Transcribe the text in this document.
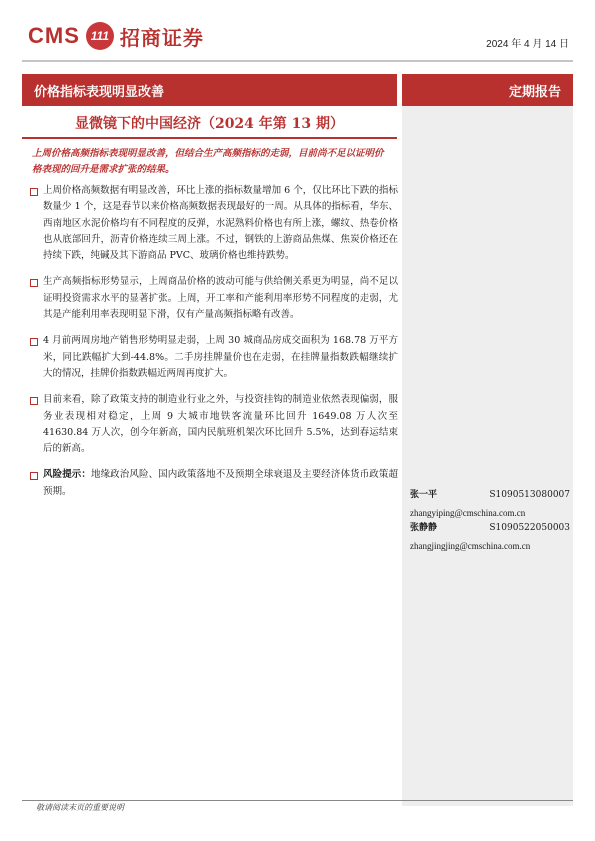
CMS 111 招商证券	2024 年 4 月 14 日
价格指标表现明显改善	定期报告
显微镜下的中国经济（2024 年第 13 期）
上周价格高频指标表现明显改善，但结合生产高频指标的走弱，目前尚不足以证明价格表现的回升是需求扩张的结果。
上周价格高频数据有明显改善，环比上涨的指标数量增加 6 个，仅比环比下跌的指标数量少 1 个，这是春节以来价格高频数据表现最好的一周。从具体的指标看，华东、西南地区水泥价格均有不同程度的反弹，水泥熟料价格也有所上涨，螺纹、热卷价格也从底部回升，沥青价格连续三周上涨。不过，钢铁的上游商品焦煤、焦炭价格还在持续下跌，纯碱及其下游商品 PVC、玻璃价格也维持跌势。
生产高频指标形势显示，上周商品价格的波动可能与供给侧关系更为明显，尚不足以证明投资需求水平的显著扩张。上周，开工率和产能利用率形势不同程度的走弱，尤其是产能利用率表现明显下滑，仅有产量高频指标略有改善。
4 月前两周房地产销售形势明显走弱，上周 30 城商品房成交面积为 168.78 万平方米，同比跌幅扩大到-44.8%。二手房挂牌量价也在走弱，在挂牌量指数跌幅继续扩大的情况，挂牌价指数跌幅近两周再度扩大。
目前来看，除了政策支持的制造业行业之外，与投资挂钩的制造业依然表现偏弱，服务业表现相对稳定，上周 9 大城市地铁客流量环比回升 1649.08 万人次至 41630.84 万人次，创今年新高，国内民航班机架次环比回升 5.5%，达到春运结束后的新高。
风险提示：地缘政治风险、国内政策落地不及预期全球衰退及主要经济体货币政策超预期。	张一平	S1090513080007
zhangyiping@cmschina.com.cn
张静静	S1090522050003
zhangjingjing@cmschina.com.cn
敬请阅读末页的重要说明
